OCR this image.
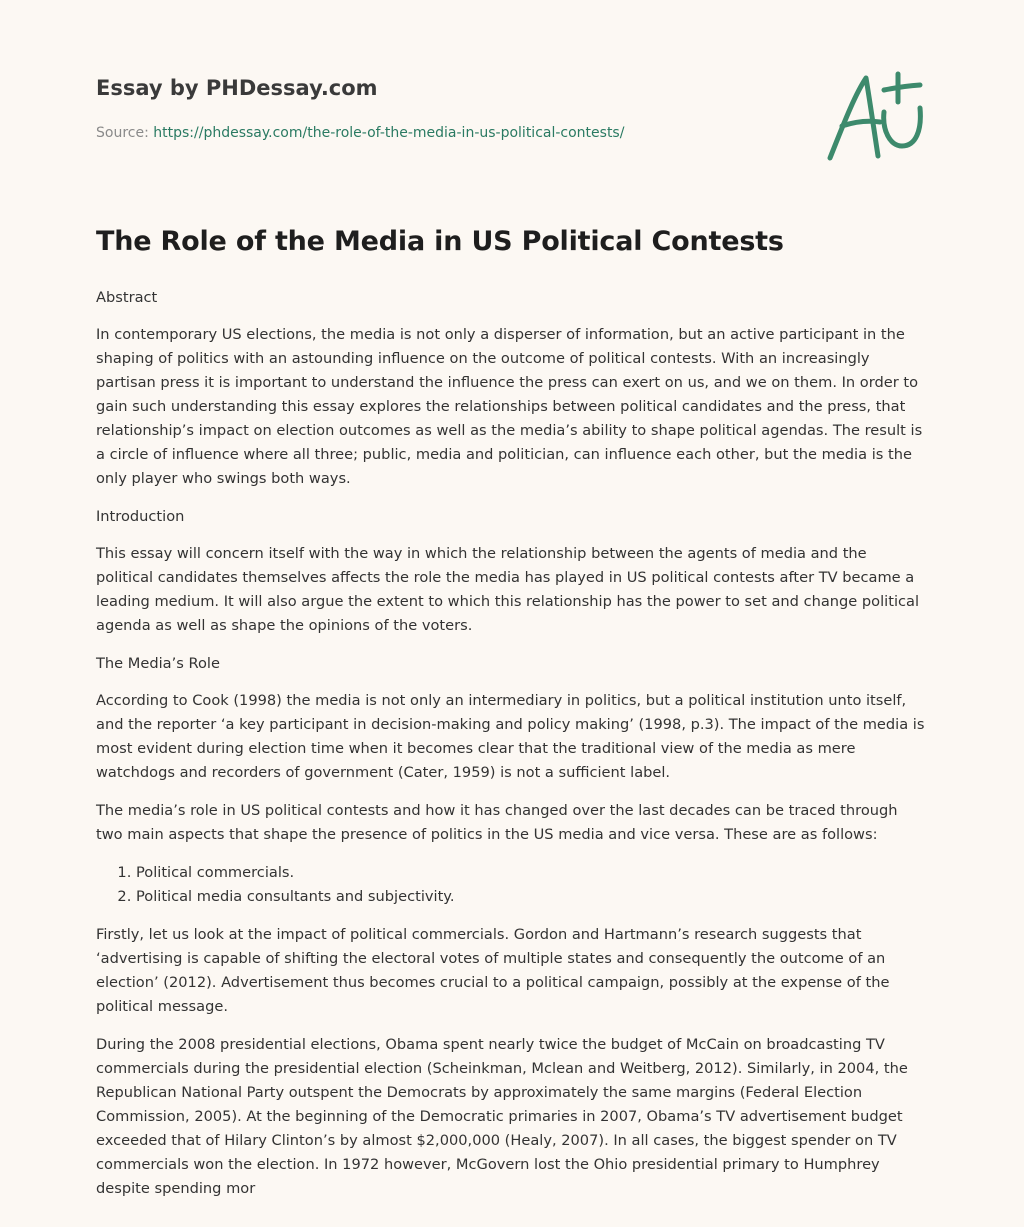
Essay by PHDessay.com

Source: https://phdessay.com/the-role-of-the-media-in-us-political-contests/

The Role of the Media in US Political Contests
Abstract

In contemporary US elections, the media is not only a disperser of information, but an active participant in the shaping of politics with an astounding influence on the outcome of political contests. With an increasingly partisan press it is important to understand the influence the press can exert on us, and we on them. In order to gain such understanding this essay explores the relationships between political candidates and the press, that relationship’s impact on election outcomes as well as the media’s ability to shape political agendas. The result is a circle of influence where all three; public, media and politician, can influence each other, but the media is the only player who swings both ways.

Introduction

This essay will concern itself with the way in which the relationship between the agents of media and the political candidates themselves affects the role the media has played in US political contests after TV became a leading medium. It will also argue the extent to which this relationship has the power to set and change political agenda as well as shape the opinions of the voters.

The Media’s Role

According to Cook (1998) the media is not only an intermediary in politics, but a political institution unto itself, and the reporter ‘a key participant in decision-making and policy making’ (1998, p.3). The impact of the media is most evident during election time when it becomes clear that the traditional view of the media as mere watchdogs and recorders of government (Cater, 1959) is not a sufficient label.

The media’s role in US political contests and how it has changed over the last decades can be traced through two main aspects that shape the presence of politics in the US media and vice versa. These are as follows:

1. Political commercials.
2. Political media consultants and subjectivity.

Firstly, let us look at the impact of political commercials. Gordon and Hartmann’s research suggests that ‘advertising is capable of shifting the electoral votes of multiple states and consequently the outcome of an election’ (2012). Advertisement thus becomes crucial to a political campaign, possibly at the expense of the political message.

During the 2008 presidential elections, Obama spent nearly twice the budget of McCain on broadcasting TV commercials during the presidential election (Scheinkman, Mclean and Weitberg, 2012). Similarly, in 2004, the Republican National Party outspent the Democrats by approximately the same margins (Federal Election Commission, 2005). At the beginning of the Democratic primaries in 2007, Obama’s TV advertisement budget exceeded that of Hilary Clinton’s by almost $2,000,000 (Healy, 2007). In all cases, the biggest spender on TV commercials won the election. In 1972 however, McGovern lost the Ohio presidential primary to Humphrey despite spending mor
